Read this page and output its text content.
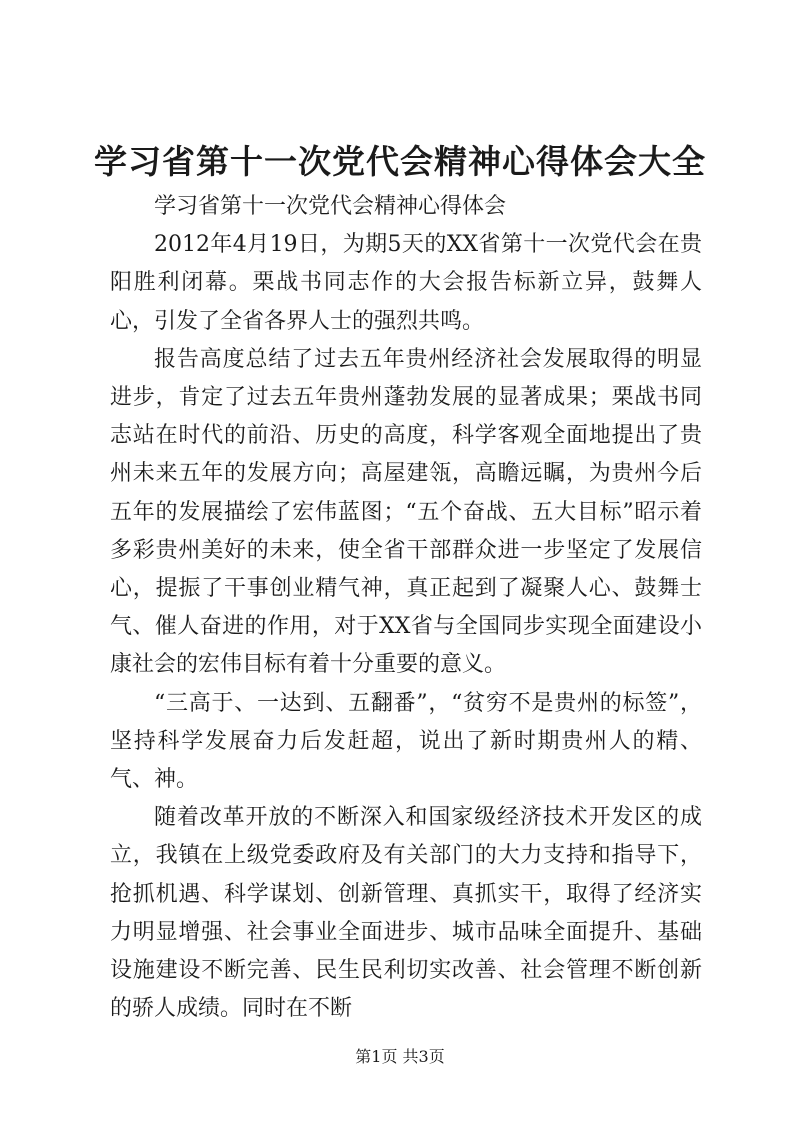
学习省第十一次党代会精神心得体会大全

学习省第十一次党代会精神心得体会

2012年4月19日，为期5天的XX省第十一次党代会在贵阳胜利闭幕。栗战书同志作的大会报告标新立异，鼓舞人心，引发了全省各界人士的强烈共鸣。

报告高度总结了过去五年贵州经济社会发展取得的明显进步，肯定了过去五年贵州蓬勃发展的显著成果；栗战书同志站在时代的前沿、历史的高度，科学客观全面地提出了贵州未来五年的发展方向；高屋建瓴，高瞻远瞩，为贵州今后五年的发展描绘了宏伟蓝图；“五个奋战、五大目标”昭示着多彩贵州美好的未来，使全省干部群众进一步坚定了发展信心，提振了干事创业精气神，真正起到了凝聚人心、鼓舞士气、催人奋进的作用，对于XX省与全国同步实现全面建设小康社会的宏伟目标有着十分重要的意义。

“三高于、一达到、五翻番”，“贫穷不是贵州的标签”，坚持科学发展奋力后发赶超，说出了新时期贵州人的精、气、神。

随着改革开放的不断深入和国家级经济技术开发区的成立，我镇在上级党委政府及有关部门的大力支持和指导下，抢抓机遇、科学谋划、创新管理、真抓实干，取得了经济实力明显增强、社会事业全面进步、城市品味全面提升、基础设施建设不断完善、民生民利切实改善、社会管理不断创新的骄人成绩。同时在不断

第1页 共3页
